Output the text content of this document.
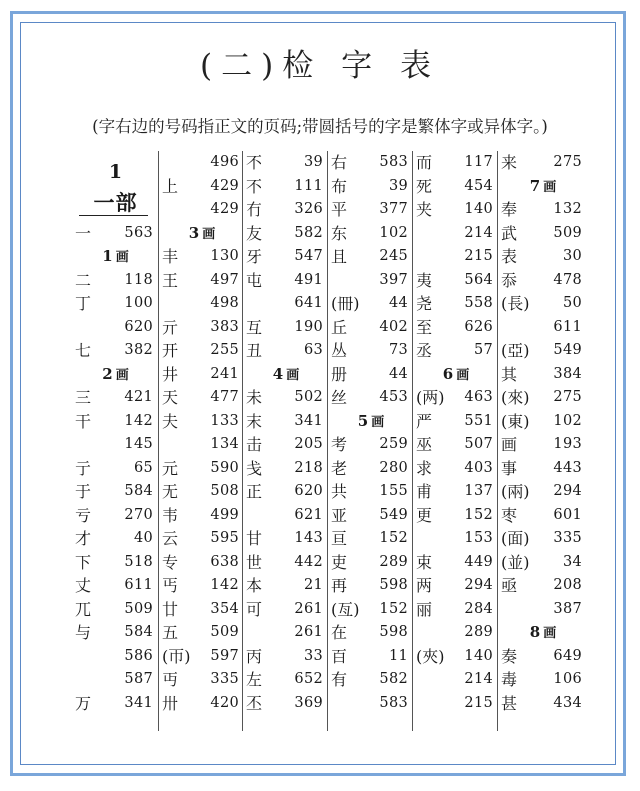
(二)检 字 表
(字右边的号码指正文的页码;带圆括号的字是繁体字或异体字。)
1
一部
一 563
1 画
二 118
丁 100
620
七 382
2 画
三 421
干 142
145
亍	65
于 584
亏 270
才	40
下 518
丈 611
兀 509
与 584
586
587
万 341
496
上 429
429
3 画
丰 130
王 497
498
亓 383
开 255
井 241
天 477
夫 133
134
元 590
无 508
韦 499
云 595
专 638
丐 142
廿 354
五 509
(帀) 597
丏 335
卅 420
不	39
不 111
冇 326
友 582
牙 547
屯 491
641
互 190
丑	63
4 画
未 502
末 341
击 205
戋 218
正 620
621
甘 143
世 442
本	21
可 261
261
丙	33
左 652
丕 369
右 583
布	39
平 377
东 102
且 245
397
(冊) 44
丘 402
丛	73
册	44
丝 453
5 画
考 259
老 280
共 155
亚 549
亘 152
吏 289
再 598
(亙) 152
在 598
百	11
有 582
583
而 117
死 454
夹 140
214
215
夷 564
尧 558
至 626
丞	57
6 画
(两) 463
严 551
巫 507
求 403
甫 137
更 152
153
束 449
两 294
丽 284
289
(夾) 140
214
215
来	275
7 画
奉	132
武	509
表	30
忝	478
(長) 50
611
(亞) 549
其	384
(來) 275
(東) 102
画	193
事	443
(兩) 294
枣	601
(面) 335
(並) 34
亟	208
387
8 画
奏	649
毒	106
甚	434
